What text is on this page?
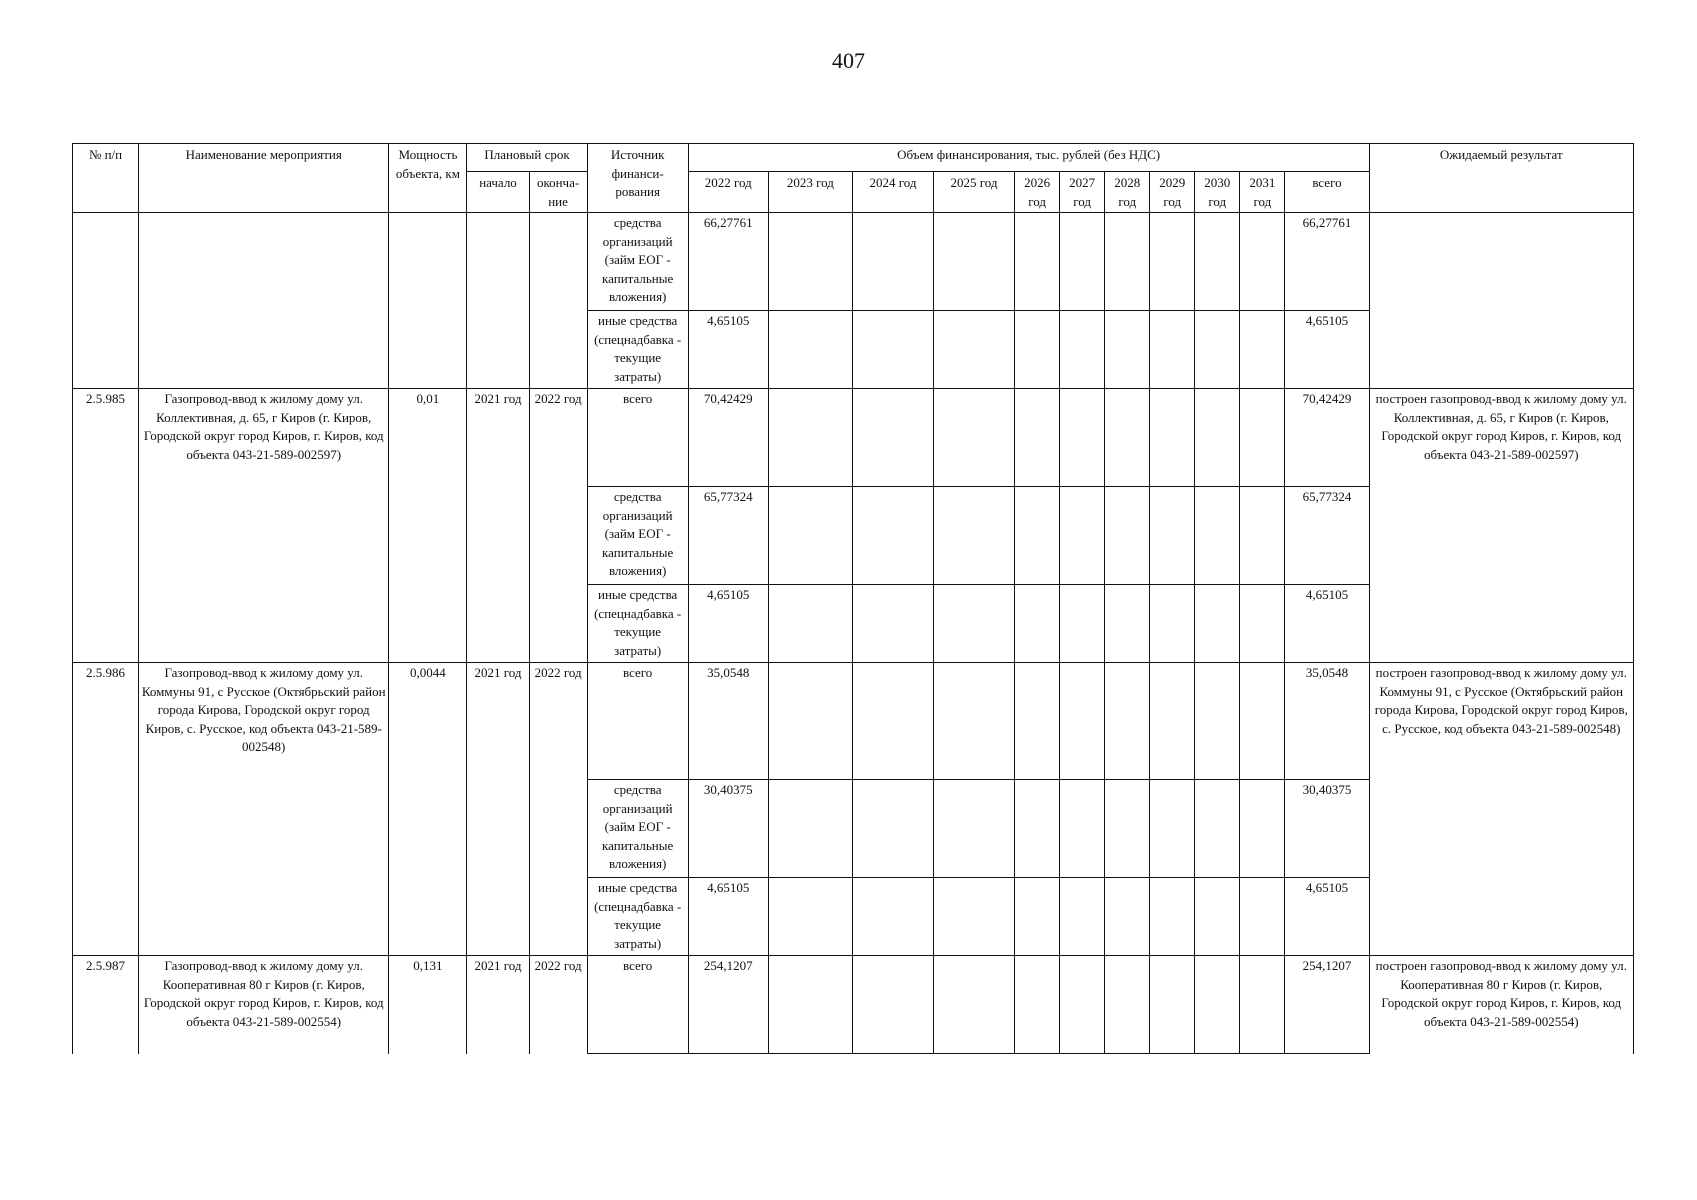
407
№ п/п	Наименование мероприятия	Мощность объекта, км	Плановый срок		Источник финанси- рования	Объем финансирования, тыс. рублей (без НДС)											Ожидаемый результат
			начало	оконча- ние		2022 год	2023 год	2024 год	2025 год	2026 год	2027 год	2028 год	2029 год	2030 год	2031 год	всего	
					средства организаций (займ ЕОГ - капитальные вложения)	66,27761										66,27761	
					иные средства (спецнадбавка - текущие затраты)	4,65105										4,65105	
2.5.985	Газопровод-ввод к жилому дому ул. Коллективная, д. 65, г Киров (г. Киров, Городской округ город Киров, г. Киров, код объекта 043-21-589-002597)	0,01	2021 год	2022 год	всего	70,42429										70,42429	построен газопровод-ввод к жилому дому ул. Коллективная, д. 65, г Киров (г. Киров, Городской округ город Киров, г. Киров, код объекта 043-21-589-002597)
					средства организаций (займ ЕОГ - капитальные вложения)	65,77324										65,77324	
					иные средства (спецнадбавка - текущие затраты)	4,65105										4,65105	
2.5.986	Газопровод-ввод к жилому дому ул. Коммуны 91, с Русское (Октябрьский район города Кирова, Городской округ город Киров, с. Русское, код объекта 043-21-589-002548)	0,0044	2021 год	2022 год	всего	35,0548										35,0548	построен газопровод-ввод к жилому дому ул. Коммуны 91, с Русское (Октябрьский район города Кирова, Городской округ город Киров, с. Русское, код объекта 043-21-589-002548)
					средства организаций (займ ЕОГ - капитальные вложения)	30,40375										30,40375	
					иные средства (спецнадбавка - текущие затраты)	4,65105										4,65105	
2.5.987	Газопровод-ввод к жилому дому ул. Кооперативная 80 г Киров (г. Киров, Городской округ город Киров, г. Киров, код объекта 043-21-589-002554)	0,131	2021 год	2022 год	всего	254,1207										254,1207	построен газопровод-ввод к жилому дому ул. Кооперативная 80 г Киров (г. Киров, Городской округ город Киров, г. Киров, код объекта 043-21-589-002554)
